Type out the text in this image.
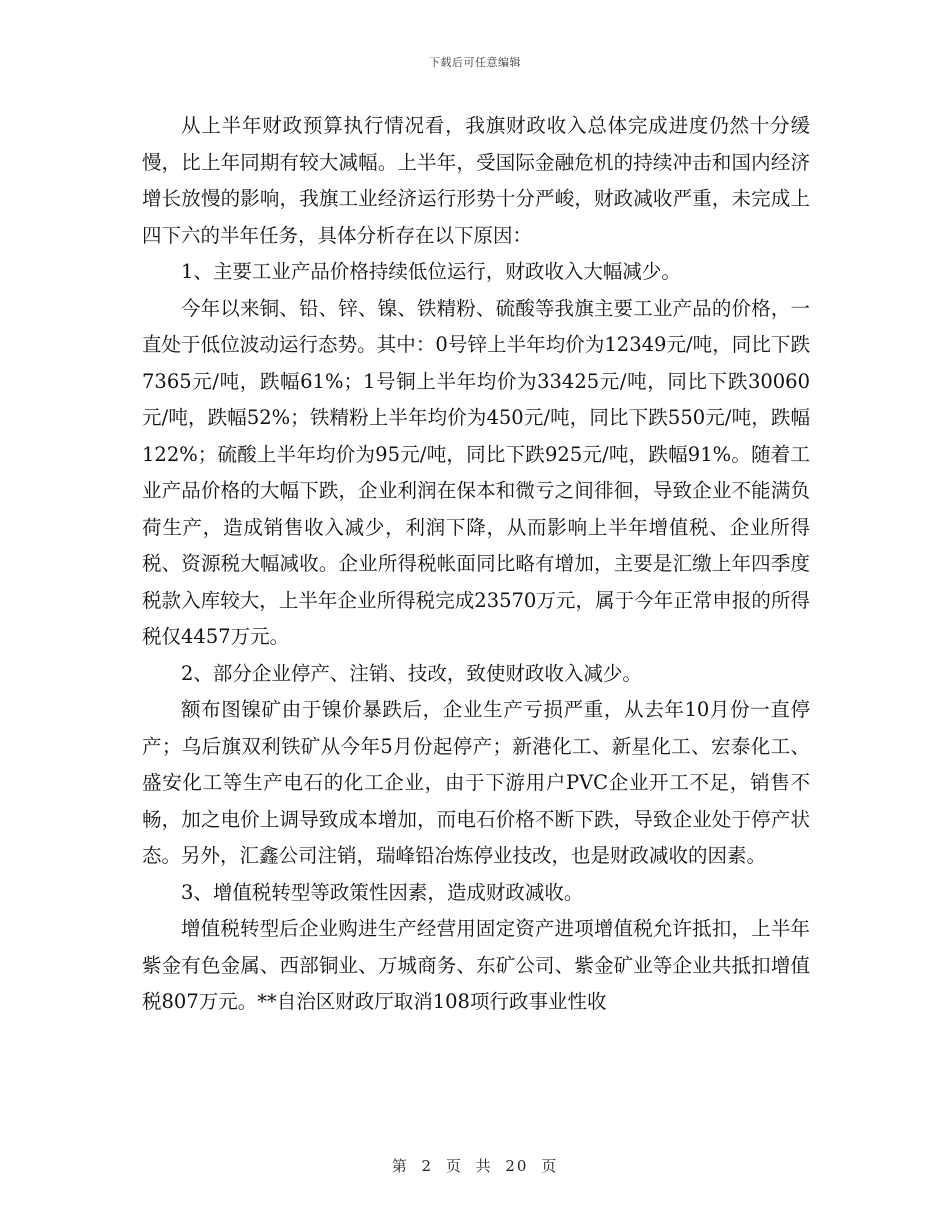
下载后可任意编辑

从上半年财政预算执行情况看，我旗财政收入总体完成进度仍然十分缓慢，比上年同期有较大减幅。上半年，受国际金融危机的持续冲击和国内经济增长放慢的影响，我旗工业经济运行形势十分严峻，财政减收严重，未完成上四下六的半年任务，具体分析存在以下原因：

1、主要工业产品价格持续低位运行，财政收入大幅减少。

今年以来铜、铅、锌、镍、铁精粉、硫酸等我旗主要工业产品的价格，一直处于低位波动运行态势。其中：0号锌上半年均价为12349元/吨，同比下跌7365元/吨，跌幅61%；1号铜上半年均价为33425元/吨，同比下跌30060元/吨，跌幅52%；铁精粉上半年均价为450元/吨，同比下跌550元/吨，跌幅122%；硫酸上半年均价为95元/吨，同比下跌925元/吨，跌幅91%。随着工业产品价格的大幅下跌，企业利润在保本和微亏之间徘徊，导致企业不能满负荷生产，造成销售收入减少，利润下降，从而影响上半年增值税、企业所得税、资源税大幅减收。企业所得税帐面同比略有增加，主要是汇缴上年四季度税款入库较大，上半年企业所得税完成23570万元，属于今年正常申报的所得税仅4457万元。

2、部分企业停产、注销、技改，致使财政收入减少。

额布图镍矿由于镍价暴跌后，企业生产亏损严重，从去年10月份一直停产；乌后旗双利铁矿从今年5月份起停产；新港化工、新星化工、宏泰化工、盛安化工等生产电石的化工企业，由于下游用户PVC企业开工不足，销售不畅，加之电价上调导致成本增加，而电石价格不断下跌，导致企业处于停产状态。另外，汇鑫公司注销，瑞峰铅冶炼停业技改，也是财政减收的因素。

3、增值税转型等政策性因素，造成财政减收。

增值税转型后企业购进生产经营用固定资产进项增值税允许抵扣，上半年紫金有色金属、西部铜业、万城商务、东矿公司、紫金矿业等企业共抵扣增值税807万元。**自治区财政厅取消108项行政事业性收

第 2 页 共 20 页
